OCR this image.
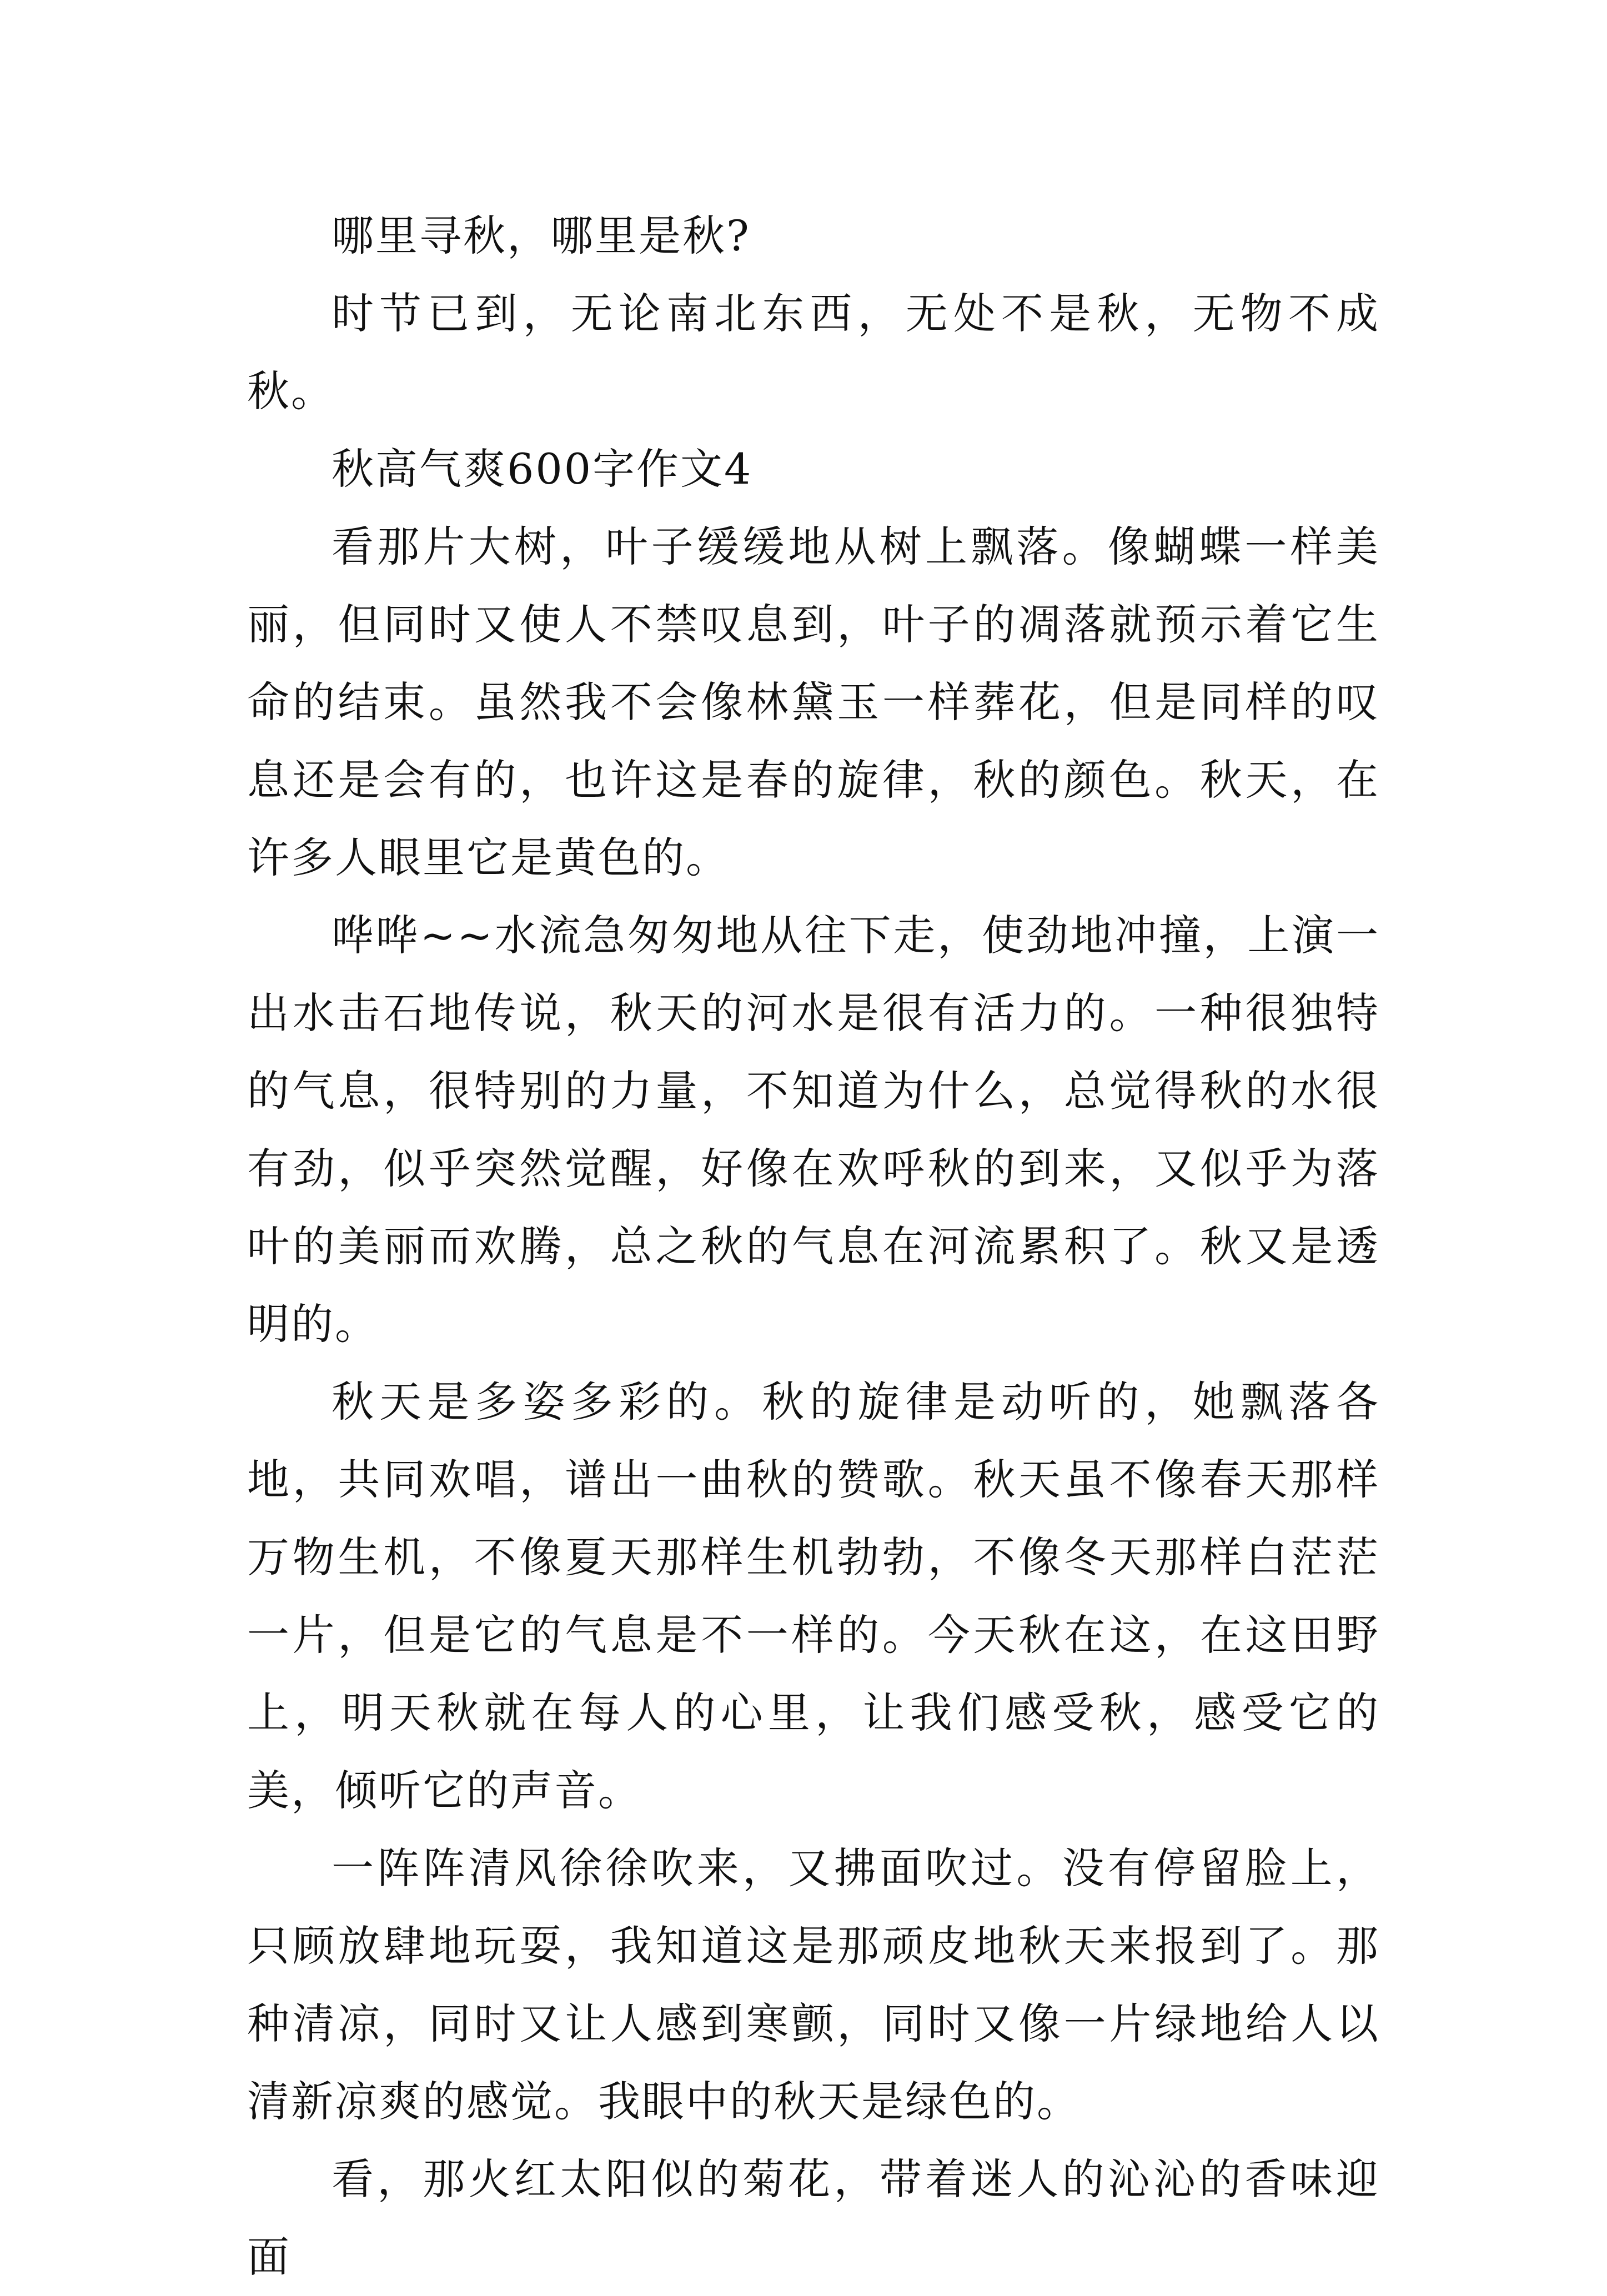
哪里寻秋，哪里是秋?

时节已到，无论南北东西，无处不是秋，无物不成秋。

秋高气爽600字作文4

看那片大树，叶子缓缓地从树上飘落。像蝴蝶一样美丽，但同时又使人不禁叹息到，叶子的凋落就预示着它生命的结束。虽然我不会像林黛玉一样葬花，但是同样的叹息还是会有的，也许这是春的旋律，秋的颜色。秋天，在许多人眼里它是黄色的。

哗哗~~水流急匆匆地从往下走，使劲地冲撞，上演一出水击石地传说，秋天的河水是很有活力的。一种很独特的气息，很特别的力量，不知道为什么，总觉得秋的水很有劲，似乎突然觉醒，好像在欢呼秋的到来，又似乎为落叶的美丽而欢腾，总之秋的气息在河流累积了。秋又是透明的。

秋天是多姿多彩的。秋的旋律是动听的，她飘落各地，共同欢唱，谱出一曲秋的赞歌。秋天虽不像春天那样万物生机，不像夏天那样生机勃勃，不像冬天那样白茫茫一片，但是它的气息是不一样的。今天秋在这，在这田野上，明天秋就在每人的心里，让我们感受秋，感受它的美，倾听它的声音。

一阵阵清风徐徐吹来，又拂面吹过。没有停留脸上，只顾放肆地玩耍，我知道这是那顽皮地秋天来报到了。那种清凉，同时又让人感到寒颤，同时又像一片绿地给人以清新凉爽的感觉。我眼中的秋天是绿色的。

看，那火红太阳似的菊花，带着迷人的沁沁的香味迎面
